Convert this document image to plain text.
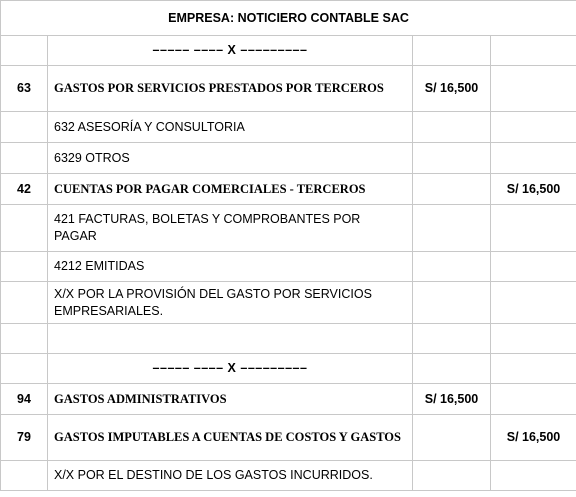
EMPRESA: NOTICIERO CONTABLE SAC			
	––––– –––– X –––––––––		
63	GASTOS POR SERVICIOS PRESTADOS POR TERCEROS	S/ 16,500	
	632 ASESORÍA Y CONSULTORIA		
	6329 OTROS		
42	CUENTAS POR PAGAR COMERCIALES - TERCEROS		S/ 16,500
	421 FACTURAS, BOLETAS Y COMPROBANTES POR PAGAR		
	4212 EMITIDAS		
	X/X POR LA PROVISIÓN DEL GASTO POR SERVICIOS EMPRESARIALES.		

	––––– –––– X –––––––––		
94	GASTOS ADMINISTRATIVOS	S/ 16,500	
79	GASTOS IMPUTABLES A CUENTAS DE COSTOS Y GASTOS		S/ 16,500
	X/X POR EL DESTINO DE LOS GASTOS INCURRIDOS.		
